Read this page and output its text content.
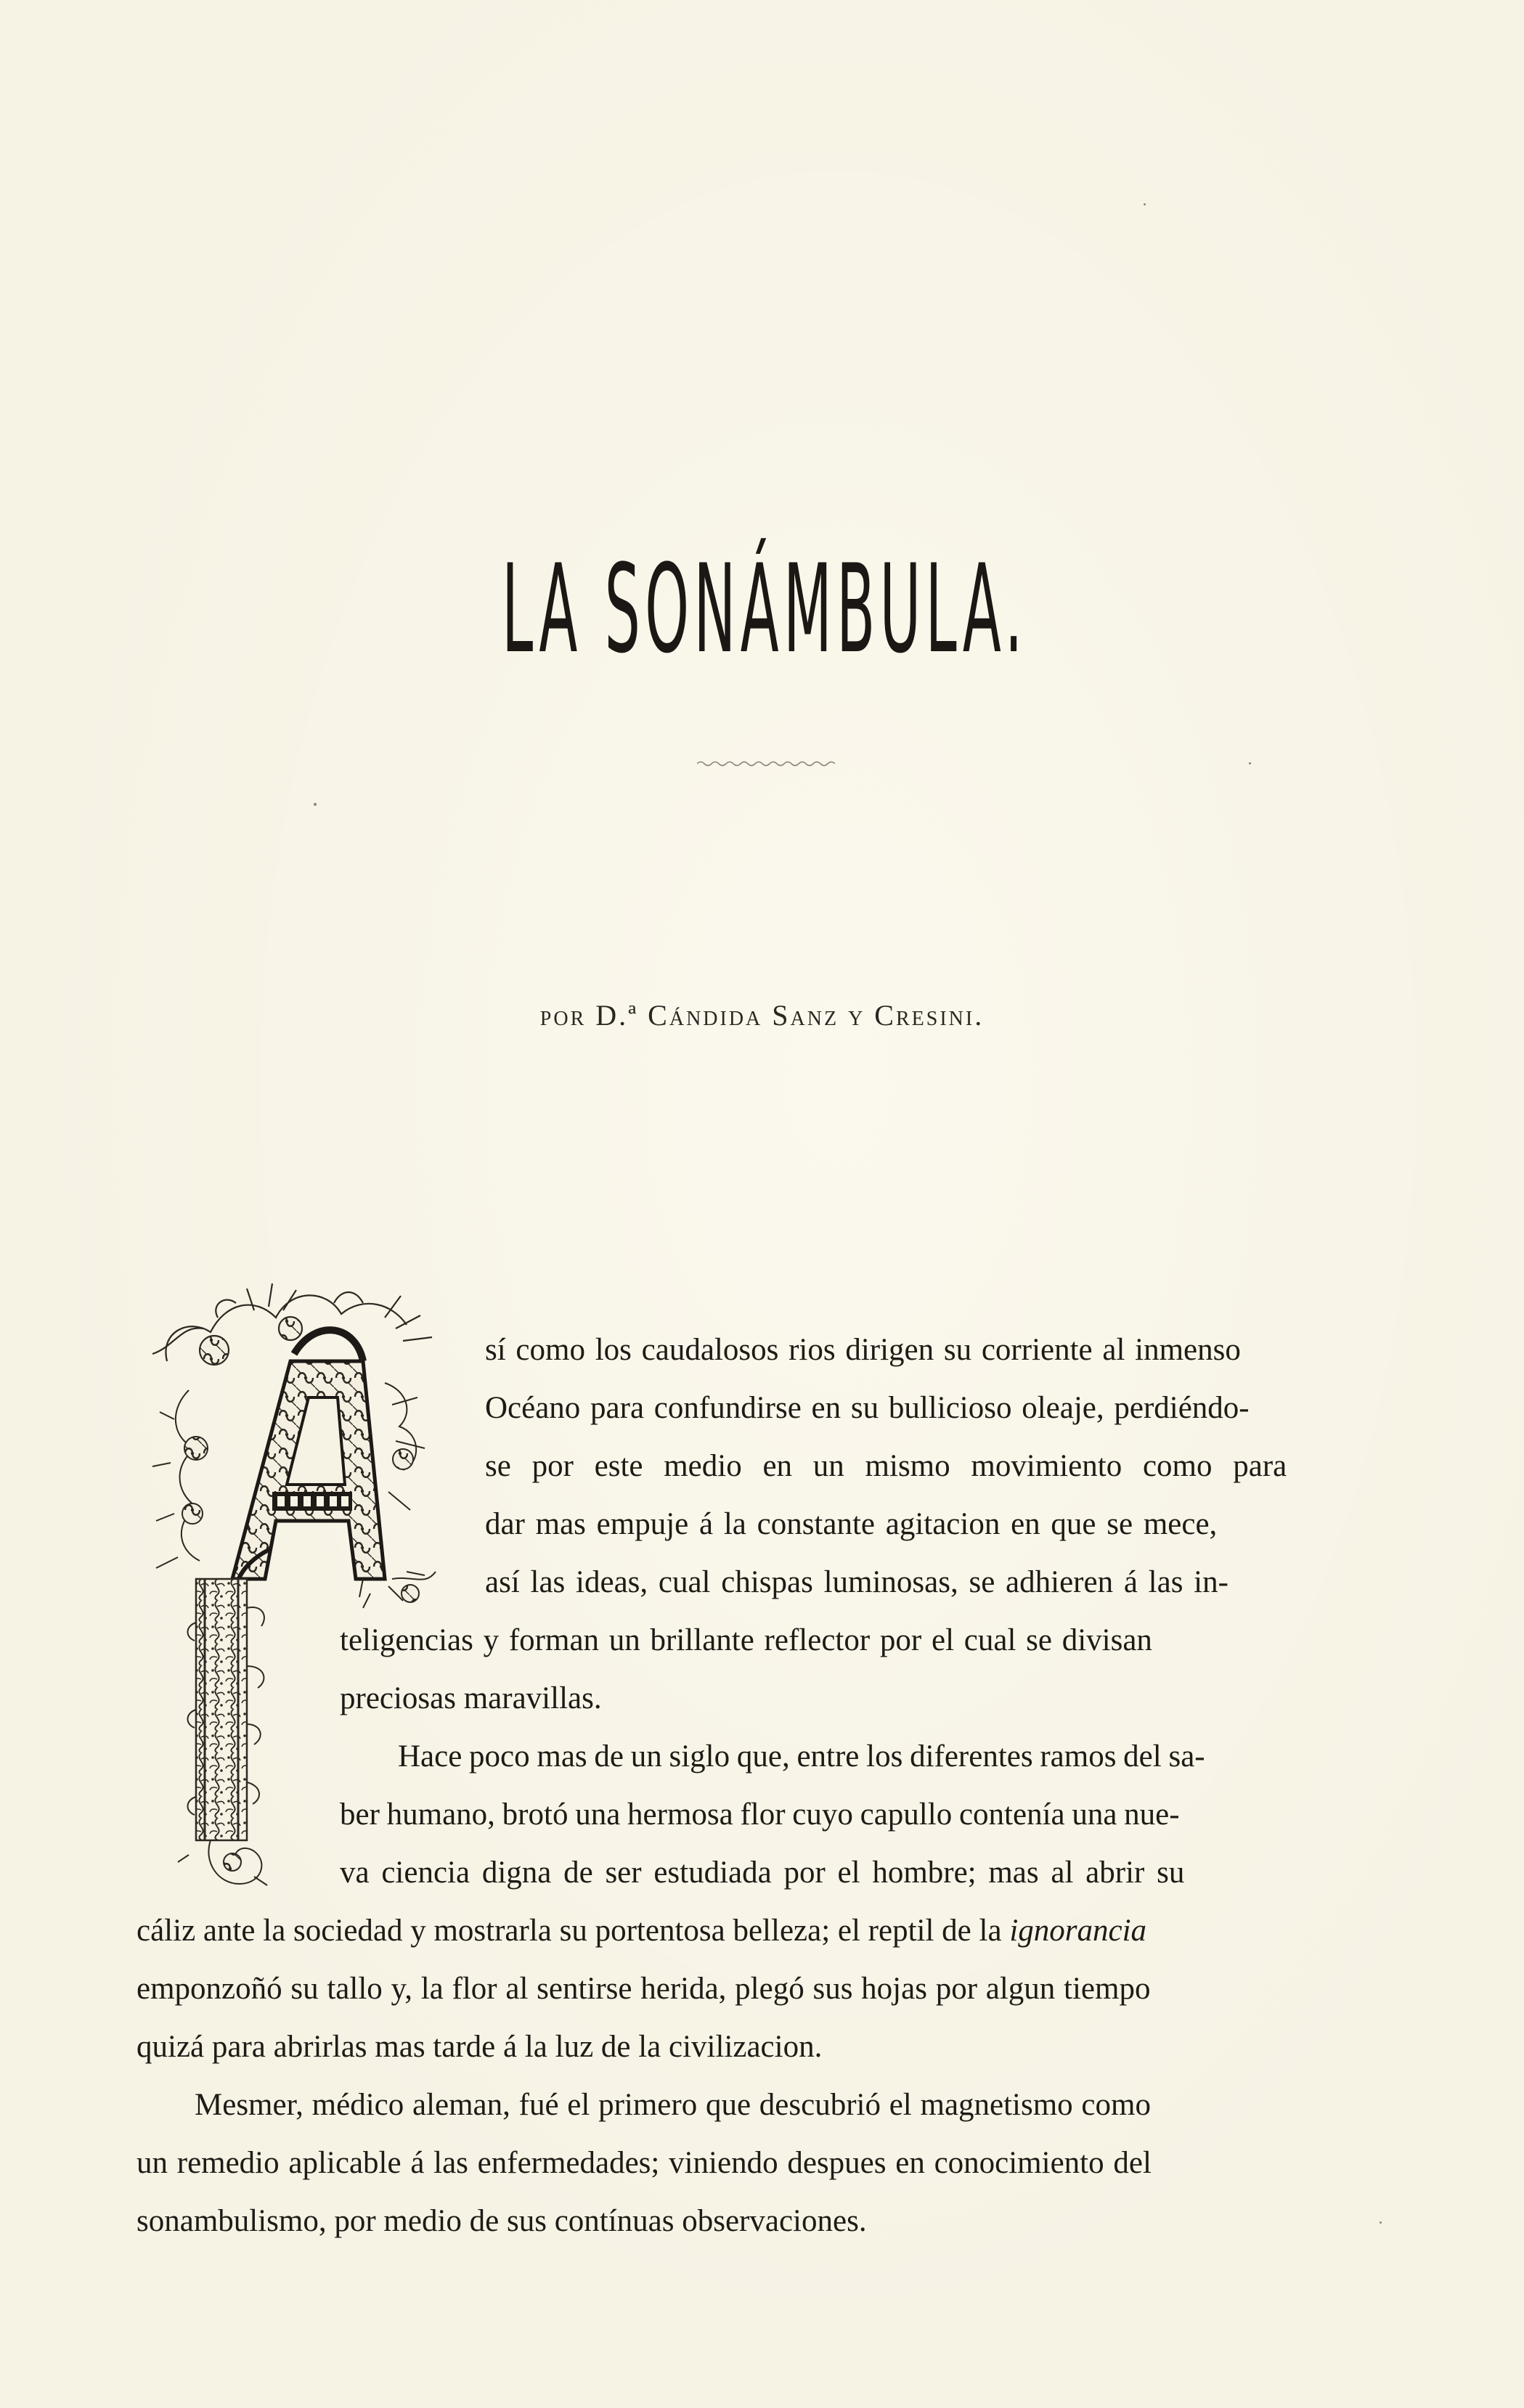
LA SONÁMBULA.
por D.ª Cándida Sanz y Cresini.
sí como los caudalosos rios dirigen su corriente al inmenso
Océano para confundirse en su bullicioso oleaje, perdiéndo-
se por este medio en un mismo movimiento como para
dar mas empuje á la constante agitacion en que se mece,
así las ideas, cual chispas luminosas, se adhieren á las in-
teligencias y forman un brillante reflector por el cual se divisan
preciosas maravillas.
Hace poco mas de un siglo que, entre los diferentes ramos del sa-
ber humano, brotó una hermosa flor cuyo capullo contenía una nue-
va ciencia digna de ser estudiada por el hombre; mas al abrir su
cáliz ante la sociedad y mostrarla su portentosa belleza; el reptil de la ignorancia
emponzoñó su tallo y, la flor al sentirse herida, plegó sus hojas por algun tiempo
quizá para abrirlas mas tarde á la luz de la civilizacion.
Mesmer, médico aleman, fué el primero que descubrió el magnetismo como
un remedio aplicable á las enfermedades; viniendo despues en conocimiento del
sonambulismo, por medio de sus contínuas observaciones.
